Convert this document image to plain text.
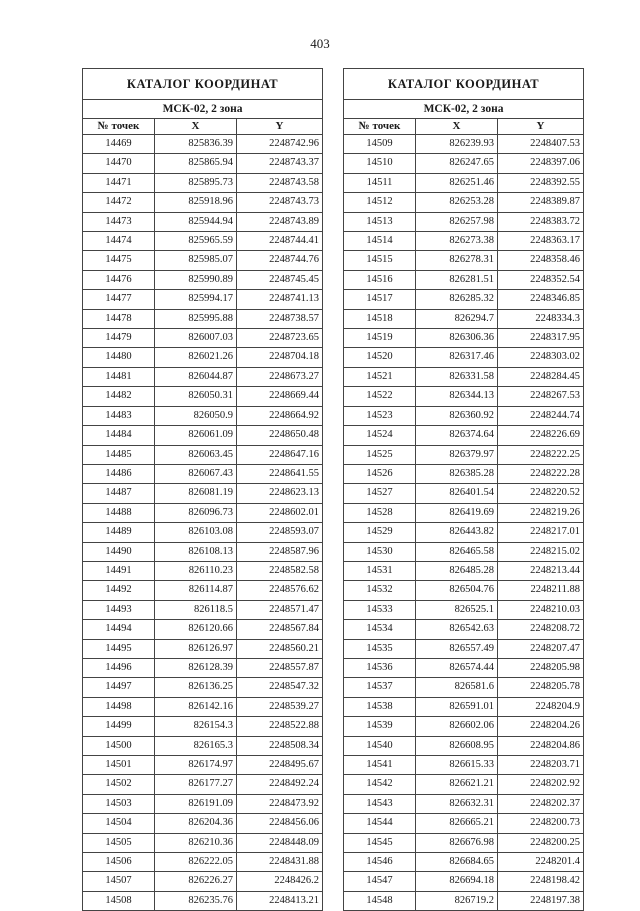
403
КАТАЛОГ КООРДИНАТ		
МСК-02, 2 зона		
№ точек	X	Y
14469	825836.39	2248742.96
14470	825865.94	2248743.37
14471	825895.73	2248743.58
14472	825918.96	2248743.73
14473	825944.94	2248743.89
14474	825965.59	2248744.41
14475	825985.07	2248744.76
14476	825990.89	2248745.45
14477	825994.17	2248741.13
14478	825995.88	2248738.57
14479	826007.03	2248723.65
14480	826021.26	2248704.18
14481	826044.87	2248673.27
14482	826050.31	2248669.44
14483	826050.9	2248664.92
14484	826061.09	2248650.48
14485	826063.45	2248647.16
14486	826067.43	2248641.55
14487	826081.19	2248623.13
14488	826096.73	2248602.01
14489	826103.08	2248593.07
14490	826108.13	2248587.96
14491	826110.23	2248582.58
14492	826114.87	2248576.62
14493	826118.5	2248571.47
14494	826120.66	2248567.84
14495	826126.97	2248560.21
14496	826128.39	2248557.87
14497	826136.25	2248547.32
14498	826142.16	2248539.27
14499	826154.3	2248522.88
14500	826165.3	2248508.34
14501	826174.97	2248495.67
14502	826177.27	2248492.24
14503	826191.09	2248473.92
14504	826204.36	2248456.06
14505	826210.36	2248448.09
14506	826222.05	2248431.88
14507	826226.27	2248426.2
14508	826235.76	2248413.21
КАТАЛОГ КООРДИНАТ		
МСК-02, 2 зона		
№ точек	X	Y
14509	826239.93	2248407.53
14510	826247.65	2248397.06
14511	826251.46	2248392.55
14512	826253.28	2248389.87
14513	826257.98	2248383.72
14514	826273.38	2248363.17
14515	826278.31	2248358.46
14516	826281.51	2248352.54
14517	826285.32	2248346.85
14518	826294.7	2248334.3
14519	826306.36	2248317.95
14520	826317.46	2248303.02
14521	826331.58	2248284.45
14522	826344.13	2248267.53
14523	826360.92	2248244.74
14524	826374.64	2248226.69
14525	826379.97	2248222.25
14526	826385.28	2248222.28
14527	826401.54	2248220.52
14528	826419.69	2248219.26
14529	826443.82	2248217.01
14530	826465.58	2248215.02
14531	826485.28	2248213.44
14532	826504.76	2248211.88
14533	826525.1	2248210.03
14534	826542.63	2248208.72
14535	826557.49	2248207.47
14536	826574.44	2248205.98
14537	826581.6	2248205.78
14538	826591.01	2248204.9
14539	826602.06	2248204.26
14540	826608.95	2248204.86
14541	826615.33	2248203.71
14542	826621.21	2248202.92
14543	826632.31	2248202.37
14544	826665.21	2248200.73
14545	826676.98	2248200.25
14546	826684.65	2248201.4
14547	826694.18	2248198.42
14548	826719.2	2248197.38
